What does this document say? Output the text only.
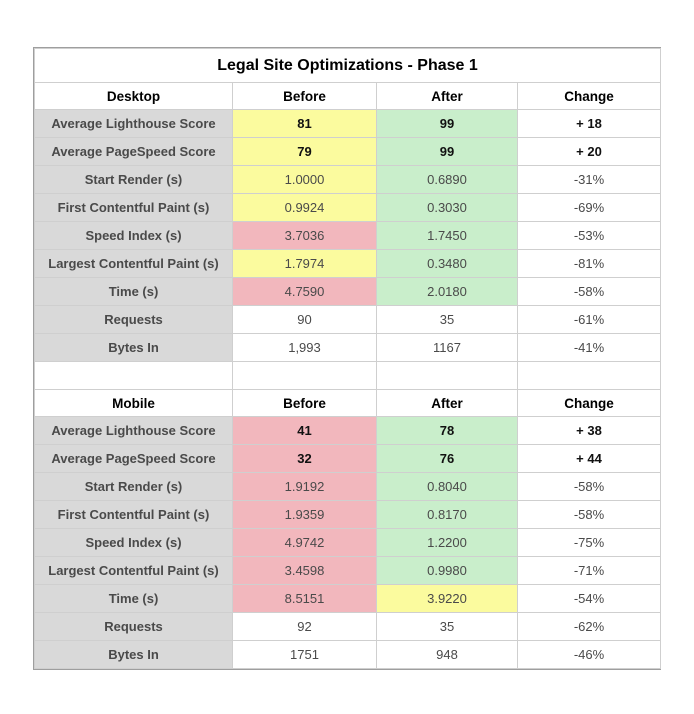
Legal Site Optimizations - Phase 1			
Desktop	Before	After	Change
Average Lighthouse Score	81	99	+ 18
Average PageSpeed Score	79	99	+ 20
Start Render (s)	1.0000	0.6890	-31%
First Contentful Paint (s)	0.9924	0.3030	-69%
Speed Index (s)	3.7036	1.7450	-53%
Largest Contentful Paint (s)	1.7974	0.3480	-81%
Time (s)	4.7590	2.0180	-58%
Requests	90	35	-61%
Bytes In	1,993	1167	-41%

Mobile	Before	After	Change
Average Lighthouse Score	41	78	+ 38
Average PageSpeed Score	32	76	+ 44
Start Render (s)	1.9192	0.8040	-58%
First Contentful Paint (s)	1.9359	0.8170	-58%
Speed Index (s)	4.9742	1.2200	-75%
Largest Contentful Paint (s)	3.4598	0.9980	-71%
Time (s)	8.5151	3.9220	-54%
Requests	92	35	-62%
Bytes In	1751	948	-46%
